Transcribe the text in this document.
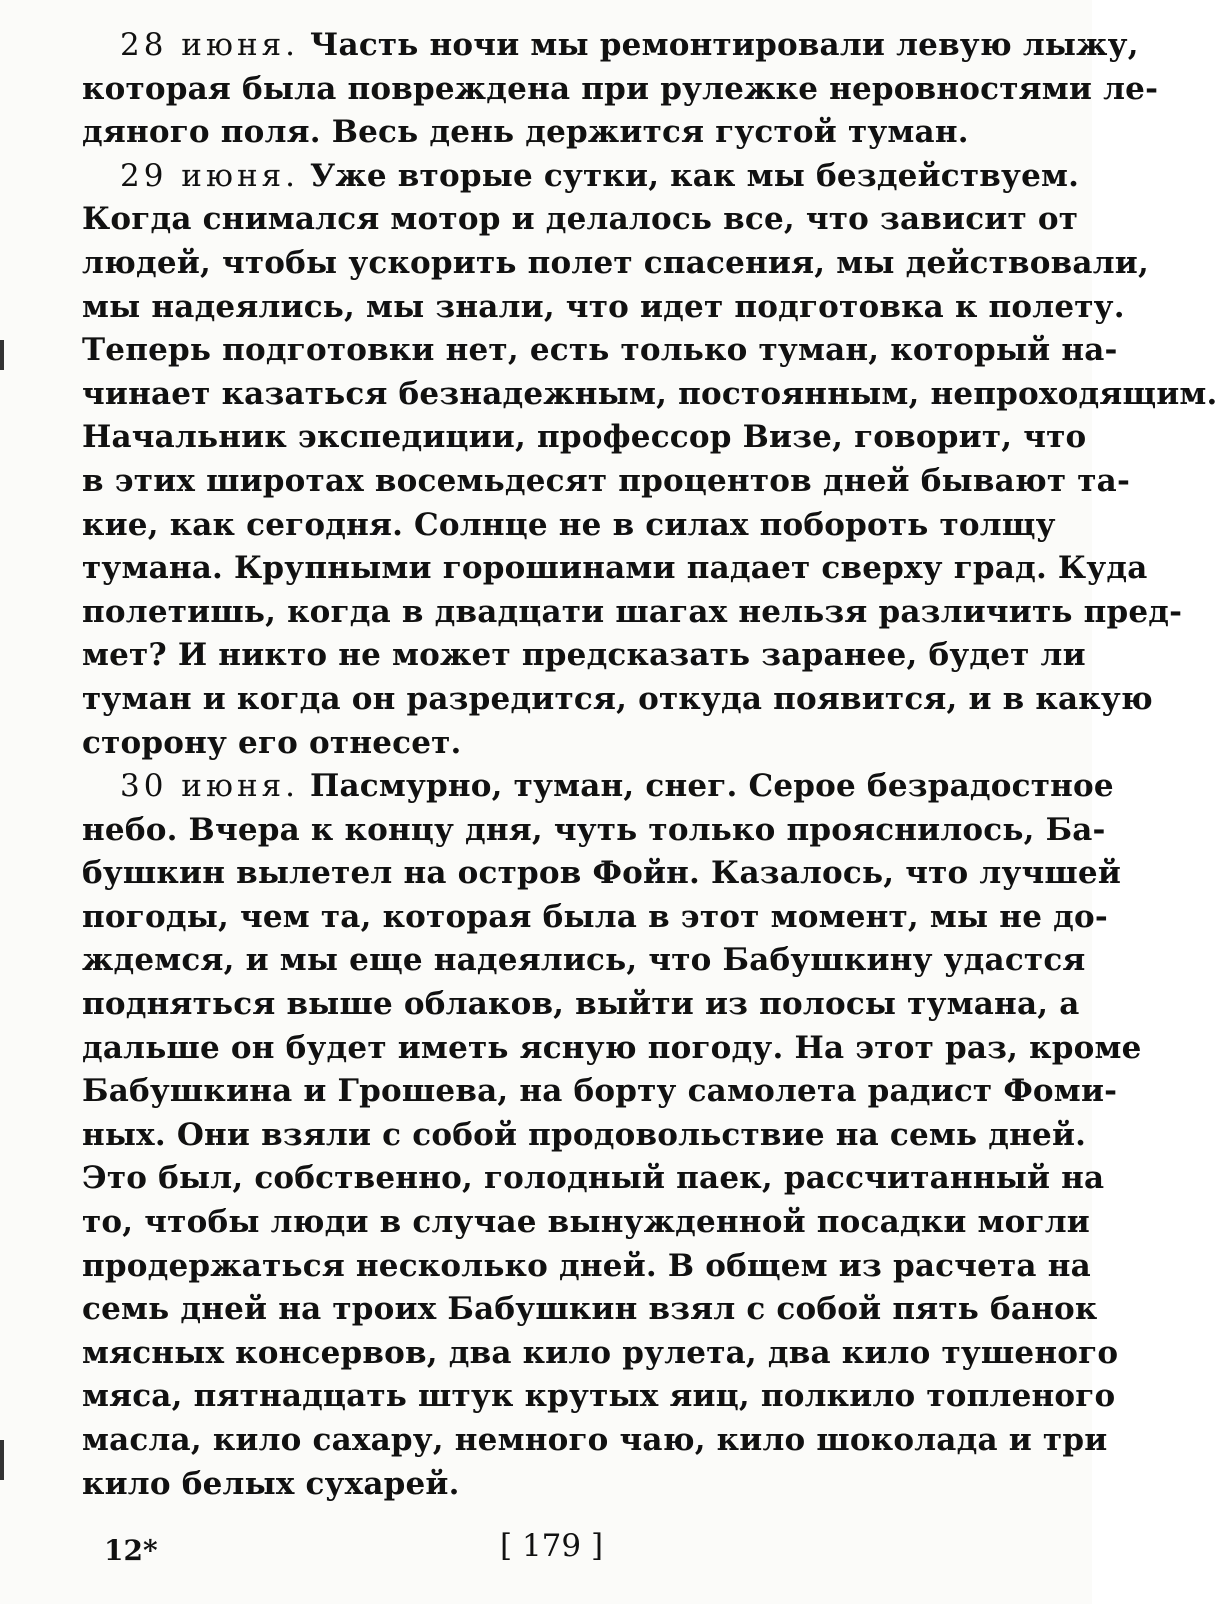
28 июня. Часть ночи мы ремонтировали левую лыжу,
которая была повреждена при рулежке неровностями ле-
дяного поля. Весь день держится густой туман.
29 июня. Уже вторые сутки, как мы бездействуем.
Когда снимался мотор и делалось все, что зависит от
людей, чтобы ускорить полет спасения, мы действовали,
мы надеялись, мы знали, что идет подготовка к полету.
Теперь подготовки нет, есть только туман, который на-
чинает казаться безнадежным, постоянным, непроходящим.
Начальник экспедиции, профессор Визе, говорит, что
в этих широтах восемьдесят процентов дней бывают та-
кие, как сегодня. Солнце не в силах побороть толщу
тумана. Крупными горошинами падает сверху град. Куда
полетишь, когда в двадцати шагах нельзя различить пред-
мет? И никто не может предсказать заранее, будет ли
туман и когда он разредится, откуда появится, и в какую
сторону его отнесет.
30 июня. Пасмурно, туман, снег. Серое безрадостное
небо. Вчера к концу дня, чуть только прояснилось, Ба-
бушкин вылетел на остров Фойн. Казалось, что лучшей
погоды, чем та, которая была в этот момент, мы не до-
ждемся, и мы еще надеялись, что Бабушкину удастся
подняться выше облаков, выйти из полосы тумана, а
дальше он будет иметь ясную погоду. На этот раз, кроме
Бабушкина и Грошева, на борту самолета радист Фоми-
ных. Они взяли с собой продовольствие на семь дней.
Это был, собственно, голодный паек, рассчитанный на
то, чтобы люди в случае вынужденной посадки могли
продержаться несколько дней. В общем из расчета на
семь дней на троих Бабушкин взял с собой пять банок
мясных консервов, два кило рулета, два кило тушеного
мяса, пятнадцать штук крутых яиц, полкило топленого
масла, кило сахару, немного чаю, кило шоколада и три
кило белых сухарей.
12*	[ 179 ]
